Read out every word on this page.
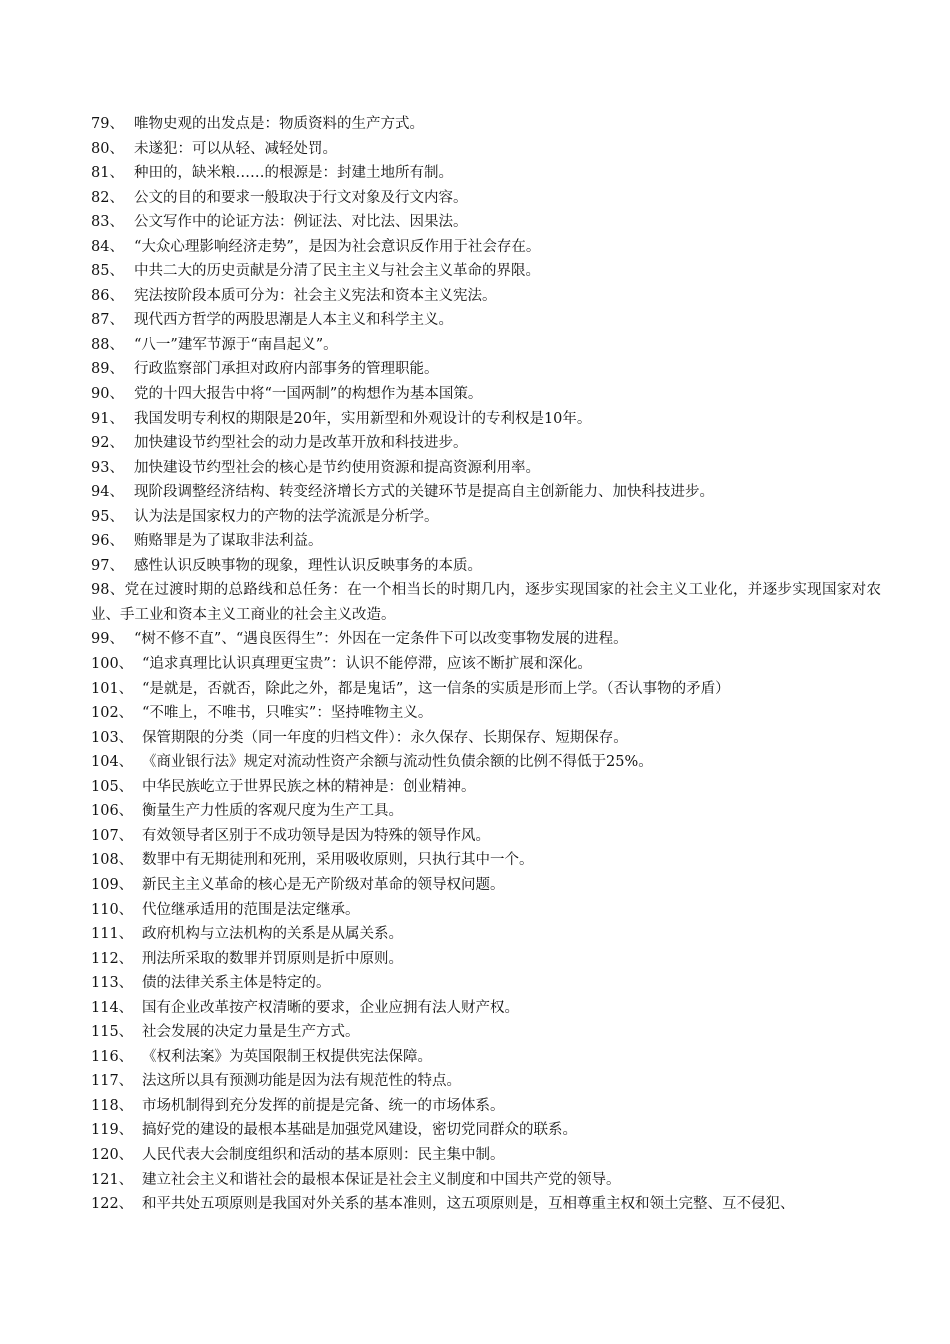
79、 唯物史观的出发点是：物质资料的生产方式。
80、 未遂犯：可以从轻、减轻处罚。
81、 种田的，缺米粮……的根源是：封建土地所有制。
82、 公文的目的和要求一般取决于行文对象及行文内容。
83、 公文写作中的论证方法：例证法、对比法、因果法。
84、 “大众心理影响经济走势”，是因为社会意识反作用于社会存在。
85、 中共二大的历史贡献是分清了民主主义与社会主义革命的界限。
86、 宪法按阶段本质可分为：社会主义宪法和资本主义宪法。
87、 现代西方哲学的两股思潮是人本主义和科学主义。
88、 “八一”建军节源于“南昌起义”。
89、 行政监察部门承担对政府内部事务的管理职能。
90、 党的十四大报告中将“一国两制”的构想作为基本国策。
91、 我国发明专利权的期限是20年，实用新型和外观设计的专利权是10年。
92、 加快建设节约型社会的动力是改革开放和科技进步。
93、 加快建设节约型社会的核心是节约使用资源和提高资源利用率。
94、 现阶段调整经济结构、转变经济增长方式的关键环节是提高自主创新能力、加快科技进步。
95、 认为法是国家权力的产物的法学流派是分析学。
96、 贿赂罪是为了谋取非法利益。
97、 感性认识反映事物的现象，理性认识反映事务的本质。
98、党在过渡时期的总路线和总任务：在一个相当长的时期几内，逐步实现国家的社会主义工业化，并逐步实现国家对农业、手工业和资本主义工商业的社会主义改造。
99、 “树不修不直”、“遇良医得生”：外因在一定条件下可以改变事物发展的进程。
100、 “追求真理比认识真理更宝贵”：认识不能停滞，应该不断扩展和深化。
101、 “是就是，否就否，除此之外，都是鬼话”，这一信条的实质是形而上学。（否认事物的矛盾）
102、 “不唯上，不唯书，只唯实”：坚持唯物主义。
103、 保管期限的分类（同一年度的归档文件）：永久保存、长期保存、短期保存。
104、 《商业银行法》规定对流动性资产余额与流动性负债余额的比例不得低于25%。
105、 中华民族屹立于世界民族之林的精神是：创业精神。
106、 衡量生产力性质的客观尺度为生产工具。
107、 有效领导者区别于不成功领导是因为特殊的领导作风。
108、 数罪中有无期徒刑和死刑，采用吸收原则，只执行其中一个。
109、 新民主主义革命的核心是无产阶级对革命的领导权问题。
110、 代位继承适用的范围是法定继承。
111、 政府机构与立法机构的关系是从属关系。
112、 刑法所采取的数罪并罚原则是折中原则。
113、 债的法律关系主体是特定的。
114、 国有企业改革按产权清晰的要求，企业应拥有法人财产权。
115、 社会发展的决定力量是生产方式。
116、 《权利法案》为英国限制王权提供宪法保障。
117、 法这所以具有预测功能是因为法有规范性的特点。
118、 市场机制得到充分发挥的前提是完备、统一的市场体系。
119、 搞好党的建设的最根本基础是加强党风建设，密切党同群众的联系。
120、 人民代表大会制度组织和活动的基本原则：民主集中制。
121、 建立社会主义和谐社会的最根本保证是社会主义制度和中国共产党的领导。
122、 和平共处五项原则是我国对外关系的基本准则，这五项原则是，互相尊重主权和领土完整、互不侵犯、
